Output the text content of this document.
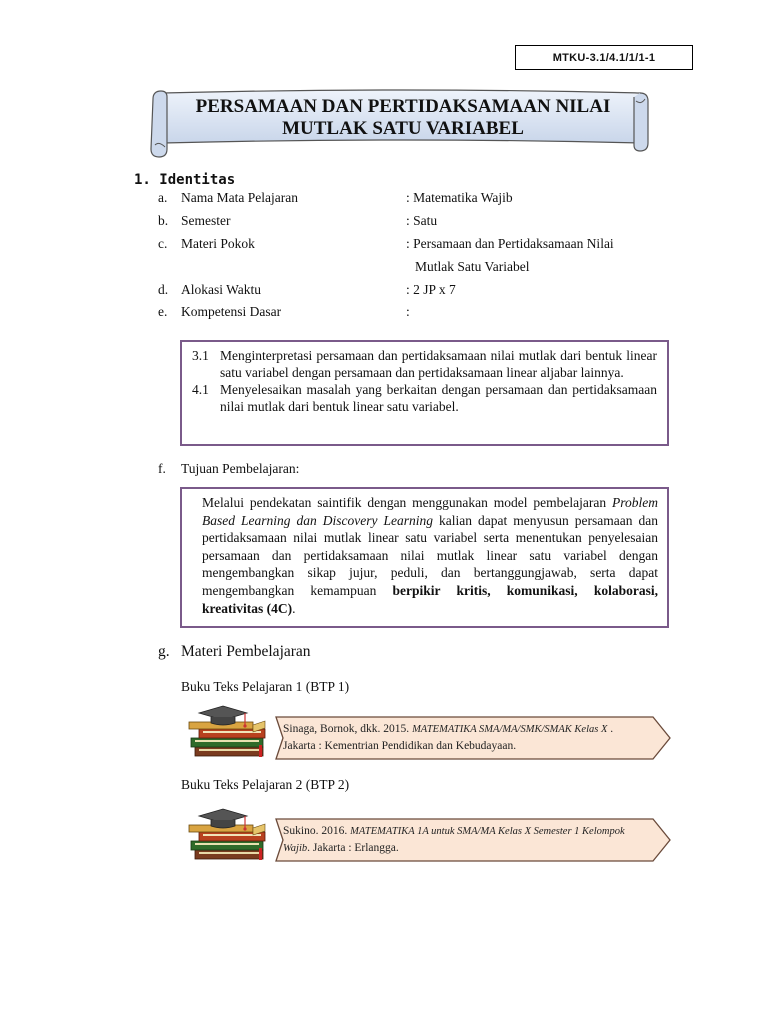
MTKU-3.1/4.1/1/1-1
PERSAMAAN DAN PERTIDAKSAMAAN NILAI
MUTLAK SATU VARIABEL
1. Identitas
a.	Nama Mata Pelajaran	: Matematika Wajib
b. Semester	: Satu
c.	Materi Pokok	: Persamaan dan Pertidaksamaan Nilai
Mutlak Satu Variabel
d. Alokasi Waktu	: 2 JP x 7
e.	Kompetensi Dasar	:
3.1 Menginterpretasi persamaan dan pertidaksamaan nilai mutlak dari bentuk linear satu variabel dengan persamaan dan pertidaksamaan linear aljabar lainnya.
4.1 Menyelesaikan masalah yang berkaitan dengan persamaan dan pertidaksamaan nilai mutlak dari bentuk linear satu variabel.
f. Tujuan Pembelajaran:
Melalui pendekatan saintifik dengan menggunakan model pembelajaran Problem Based Learning dan Discovery Learning kalian dapat menyusun persamaan dan pertidaksamaan nilai mutlak linear satu variabel serta menentukan penyelesaian persamaan dan pertidaksamaan nilai mutlak linear satu variabel dengan mengembangkan sikap jujur, peduli, dan bertanggungjawab, serta dapat mengembangkan kemampuan berpikir kritis, komunikasi, kolaborasi, kreativitas (4C).
g. Materi Pembelajaran
Buku Teks Pelajaran 1 (BTP 1)
Sinaga, Bornok, dkk. 2015. MATEMATIKA SMA/MA/SMK/SMAK Kelas X . Jakarta : Kementrian Pendidikan dan Kebudayaan.
Buku Teks Pelajaran 2 (BTP 2)
Sukino. 2016. MATEMATIKA 1A untuk SMA/MA Kelas X Semester 1 Kelompok Wajib. Jakarta : Erlangga.
